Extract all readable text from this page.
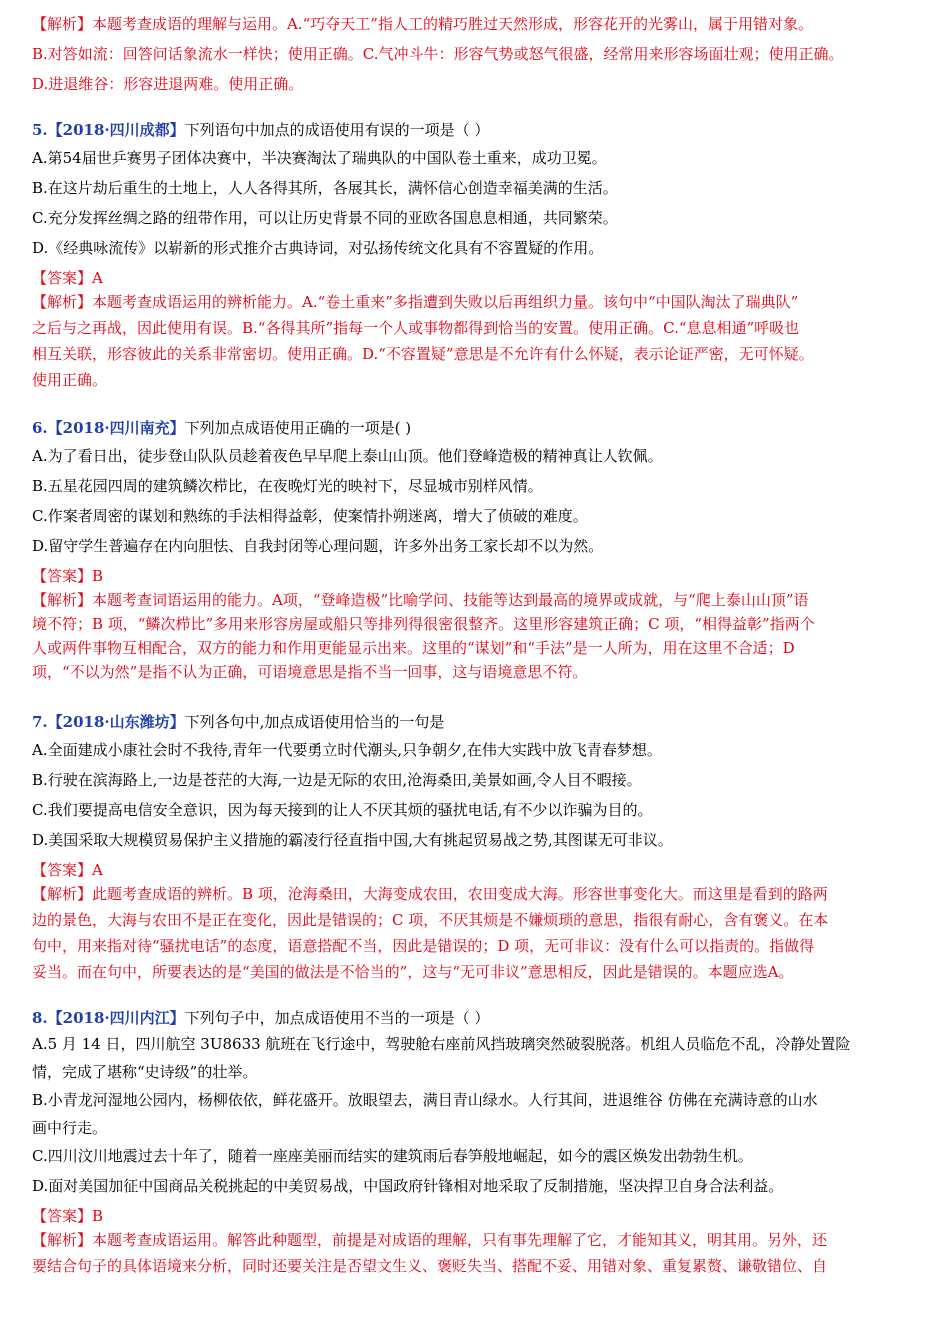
【解析】本题考查成语的理解与运用。A.“巧夺天工”指人工的精巧胜过天然形成，形容花开的光雾山，属于用错对象。
B.对答如流：回答问话象流水一样快；使用正确。C.气冲斗牛：形容气势或怒气很盛，经常用来形容场面壮观；使用正确。
D.进退维谷：形容进退两难。使用正确。
5.【2018·四川成都】下列语句中加点的成语使用有误的一项是（ ）
A.第54届世乒赛男子团体决赛中，半决赛淘汰了瑞典队的中国队卷土重来，成功卫冕。
B.在这片劫后重生的土地上，人人各得其所，各展其长，满怀信心创造幸福美满的生活。
C.充分发挥丝绸之路的纽带作用，可以让历史背景不同的亚欧各国息息相通，共同繁荣。
D.《经典咏流传》以崭新的形式推介古典诗词，对弘扬传统文化具有不容置疑的作用。
【答案】A
【解析】本题考查成语运用的辨析能力。A.“卷土重来”多指遭到失败以后再组织力量。该句中“中国队淘汰了瑞典队”
之后与之再战，因此使用有误。B.“各得其所”指每一个人或事物都得到恰当的安置。使用正确。C.“息息相通”呼吸也
相互关联，形容彼此的关系非常密切。使用正确。D.“不容置疑”意思是不允许有什么怀疑，表示论证严密，无可怀疑。
使用正确。
6.【2018·四川南充】下列加点成语使用正确的一项是( )
A.为了看日出，徒步登山队队员趁着夜色早早爬上泰山山顶。他们登峰造极的精神真让人钦佩。
B.五星花园四周的建筑鳞次栉比，在夜晚灯光的映衬下，尽显城市别样风情。
C.作案者周密的谋划和熟练的手法相得益彰，使案情扑朔迷离，增大了侦破的难度。
D.留守学生普遍存在内向胆怯、自我封闭等心理问题，许多外出务工家长却不以为然。
【答案】B
【解析】本题考查词语运用的能力。A项，“登峰造极”比喻学问、技能等达到最高的境界或成就，与“爬上泰山山顶”语
境不符；B 项，“鳞次栉比”多用来形容房屋或船只等排列得很密很整齐。这里形容建筑正确；C 项，“相得益彰”指两个
人或两件事物互相配合，双方的能力和作用更能显示出来。这里的“谋划”和“手法”是一人所为，用在这里不合适；D
项，“不以为然”是指不认为正确，可语境意思是指不当一回事，这与语境意思不符。
7.【2018·山东潍坊】下列各句中,加点成语使用恰当的一句是
A.全面建成小康社会时不我待,青年一代要勇立时代潮头,只争朝夕,在伟大实践中放飞青春梦想。
B.行驶在滨海路上,一边是苍茫的大海,一边是无际的农田,沧海桑田,美景如画,令人目不暇接。
C.我们要提高电信安全意识，因为每天接到的让人不厌其烦的骚扰电话,有不少以诈骗为目的。
D.美国采取大规模贸易保护主义措施的霸凌行径直指中国,大有挑起贸易战之势,其图谋无可非议。
【答案】A
【解析】此题考查成语的辨析。B 项，沧海桑田，大海变成农田，农田变成大海。形容世事变化大。而这里是看到的路两
边的景色，大海与农田不是正在变化，因此是错误的；C 项，不厌其烦是不嫌烦琐的意思，指很有耐心，含有褒义。在本
句中，用来指对待“骚扰电话”的态度，语意搭配不当，因此是错误的；D 项，无可非议：没有什么可以指责的。指做得
妥当。而在句中，所要表达的是“美国的做法是不恰当的”，这与“无可非议”意思相反，因此是错误的。本题应选A。
8.【2018·四川内江】下列句子中，加点成语使用不当的一项是（ ）
A.5 月 14 日，四川航空 3U8633 航班在飞行途中，驾驶舱右座前风挡玻璃突然破裂脱落。机组人员临危不乱，冷静处置险
情，完成了堪称“史诗级”的壮举。
B.小青龙河湿地公园内，杨柳依依，鲜花盛开。放眼望去，满目青山绿水。人行其间，进退维谷 仿佛在充满诗意的山水
画中行走。
C.四川汶川地震过去十年了，随着一座座美丽而结实的建筑雨后春笋般地崛起，如今的震区焕发出勃勃生机。
D.面对美国加征中国商品关税挑起的中美贸易战，中国政府针锋相对地采取了反制措施，坚决捍卫自身合法利益。
【答案】B
【解析】本题考查成语运用。解答此种题型，前提是对成语的理解，只有事先理解了它，才能知其义，明其用。另外，还
要结合句子的具体语境来分析，同时还要关注是否望文生义、褒贬失当、搭配不妥、用错对象、重复累赘、谦敬错位、自
